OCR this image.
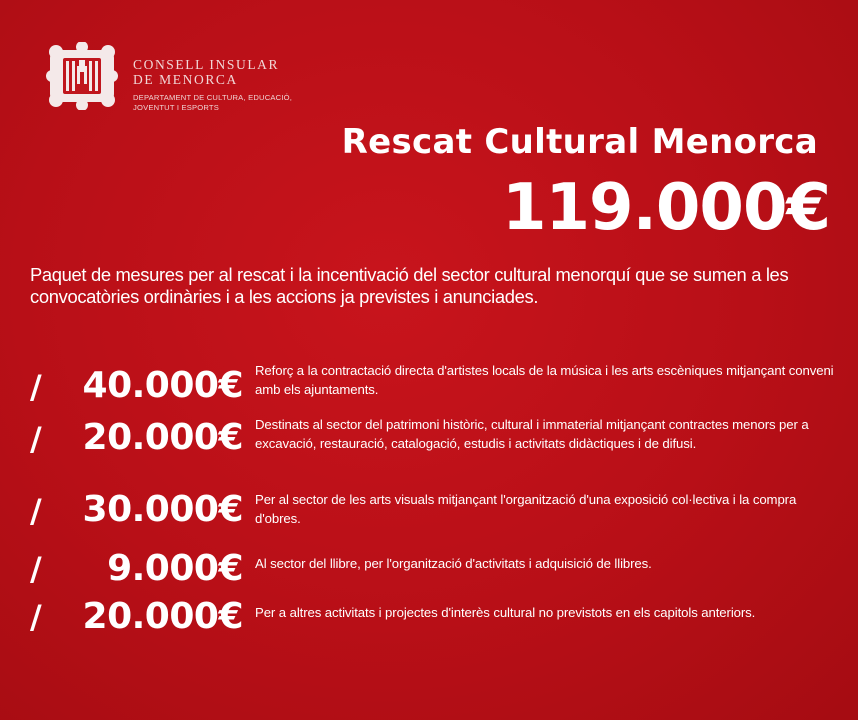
CONSELL INSULAR
DE MENORCA
DEPARTAMENT DE CULTURA, EDUCACIÓ,
JOVENTUT I ESPORTS
Rescat Cultural Menorca
119.000€
Paquet de mesures per al rescat i la incentivació del sector cultural menorquí que se sumen a les convocatòries ordinàries i a les accions ja previstes i anunciades.
/ 40.000€ Reforç a la contractació directa d'artistes locals de la música i les arts escèniques mitjançant conveni amb els ajuntaments.
/ 20.000€ Destinats al sector del patrimoni històric, cultural i immaterial mitjançant contractes menors per a excavació, restauració, catalogació, estudis i activitats didàctiques i de difusi.
/ 30.000€ Per al sector de les arts visuals mitjançant l'organització d'una exposició col·lectiva i la compra d'obres.
/ 9.000€ Al sector del llibre, per l'organització d'activitats i adquisició de llibres.
/ 20.000€ Per a altres activitats i projectes d'interès cultural no previstots en els capitols anteriors.
